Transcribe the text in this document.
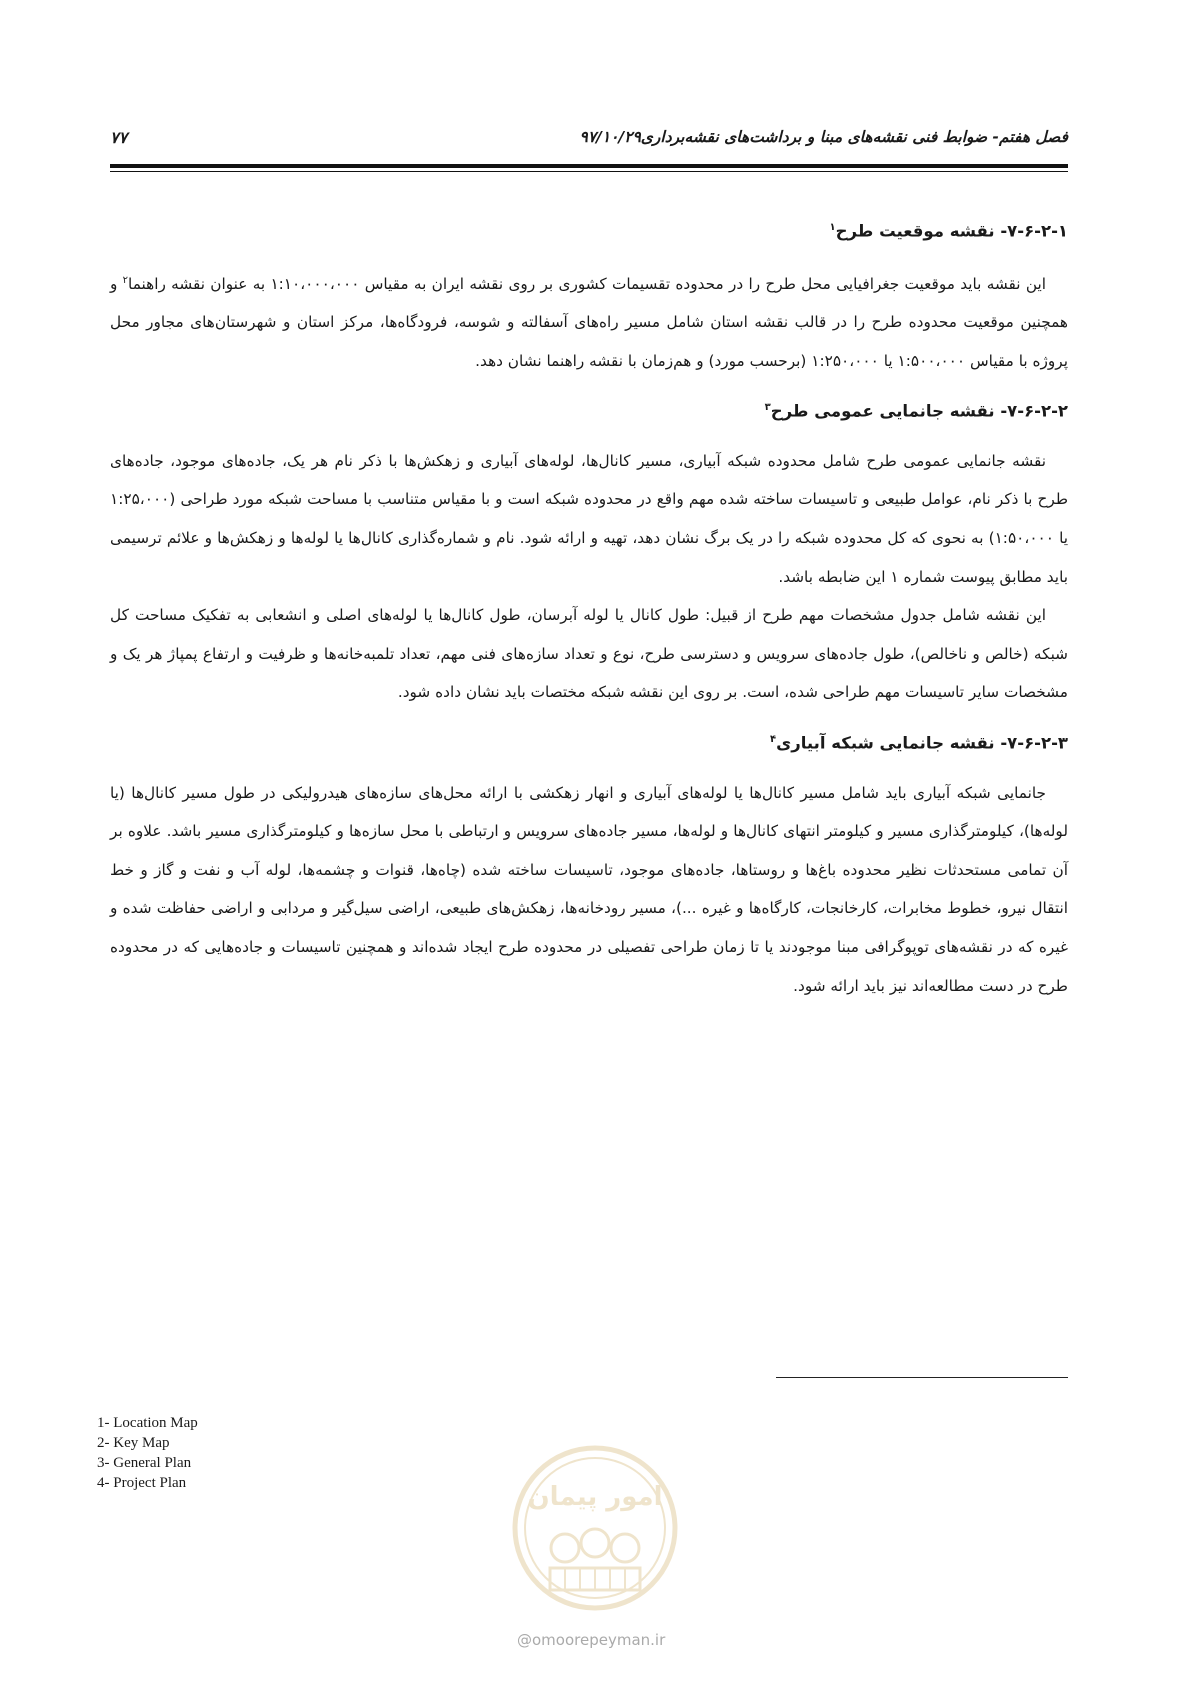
فصل هفتم- ضوابط فنی نقشه‌های مبنا و برداشت‌های نقشه‌برداری۹۷/۱۰/۲۹
۷۷
۷-۶-۲-۱- نقشه موقعیت طرح$^۱$

این نقشه باید موقعیت جغرافیایی محل طرح را در محدوده تقسیمات کشوری بر روی نقشه ایران به مقیاس ۱:۱۰،۰۰۰،۰۰۰ به عنوان نقشه راهنما$^۲$ و همچنین موقعیت محدوده طرح را در قالب نقشه استان شامل مسیر راه‌های آسفالته و شوسه، فرودگاه‌ها، مرکز استان و شهرستان‌های مجاور محل پروژه با مقیاس ۱:۵۰۰،۰۰۰ یا ۱:۲۵۰،۰۰۰ (برحسب مورد) و هم‌زمان با نقشه راهنما نشان دهد.

۷-۶-۲-۲- نقشه جانمایی عمومی طرح$^۳$

نقشه جانمایی عمومی طرح شامل محدوده شبکه آبیاری، مسیر کانال‌ها، لوله‌های آبیاری و زهکش‌ها با ذکر نام هر یک، جاده‌های موجود، جاده‌های طرح با ذکر نام، عوامل طبیعی و تاسیسات ساخته شده مهم واقع در محدوده شبکه است و با مقیاس متناسب با مساحت شبکه مورد طراحی (۱:۲۵،۰۰۰ یا ۱:۵۰،۰۰۰) به نحوی که کل محدوده شبکه را در یک برگ نشان دهد، تهیه و ارائه شود. نام و شماره‌گذاری کانال‌ها یا لوله‌ها و زهکش‌ها و علائم ترسیمی باید مطابق پیوست شماره ۱ این ضابطه باشد.

این نقشه شامل جدول مشخصات مهم طرح از قبیل: طول کانال یا لوله آبرسان، طول کانال‌ها یا لوله‌های اصلی و انشعابی به تفکیک مساحت کل شبکه (خالص و ناخالص)، طول جاده‌های سرویس و دسترسی طرح، نوع و تعداد سازه‌های فنی مهم، تعداد تلمبه‌خانه‌ها و ظرفیت و ارتفاع پمپاژ هر یک و مشخصات سایر تاسیسات مهم طراحی شده، است. بر روی این نقشه شبکه مختصات باید نشان داده شود.

۷-۶-۲-۳- نقشه جانمایی شبکه آبیاری$^۴$

جانمایی شبکه آبیاری باید شامل مسیر کانال‌ها یا لوله‌های آبیاری و انهار زهکشی با ارائه محل‌های سازه‌های هیدرولیکی در طول مسیر کانال‌ها (یا لوله‌ها)، کیلومترگذاری مسیر و کیلومتر انتهای کانال‌ها و لوله‌ها، مسیر جاده‌های سرویس و ارتباطی با محل سازه‌ها و کیلومترگذاری مسیر باشد. علاوه بر آن تمامی مستحدثات نظیر محدوده باغ‌ها و روستاها، جاده‌های موجود، تاسیسات ساخته شده (چاه‌ها، قنوات و چشمه‌ها، لوله آب و نفت و گاز و خط انتقال نیرو، خطوط مخابرات، کارخانجات، کارگاه‌ها و غیره ...)، مسیر رودخانه‌ها، زهکش‌های طبیعی، اراضی سیل‌گیر و مردابی و اراضی حفاظت شده و غیره که در نقشه‌های توپوگرافی مبنا موجودند یا تا زمان طراحی تفصیلی در محدوده طرح ایجاد شده‌اند و همچنین تاسیسات و جاده‌هایی که در محدوده طرح در دست مطالعه‌اند نیز باید ارائه شود.

1- Location Map
2- Key Map
3- General Plan
4- Project Plan	امور پیمان
@omoorepeyman.ir
